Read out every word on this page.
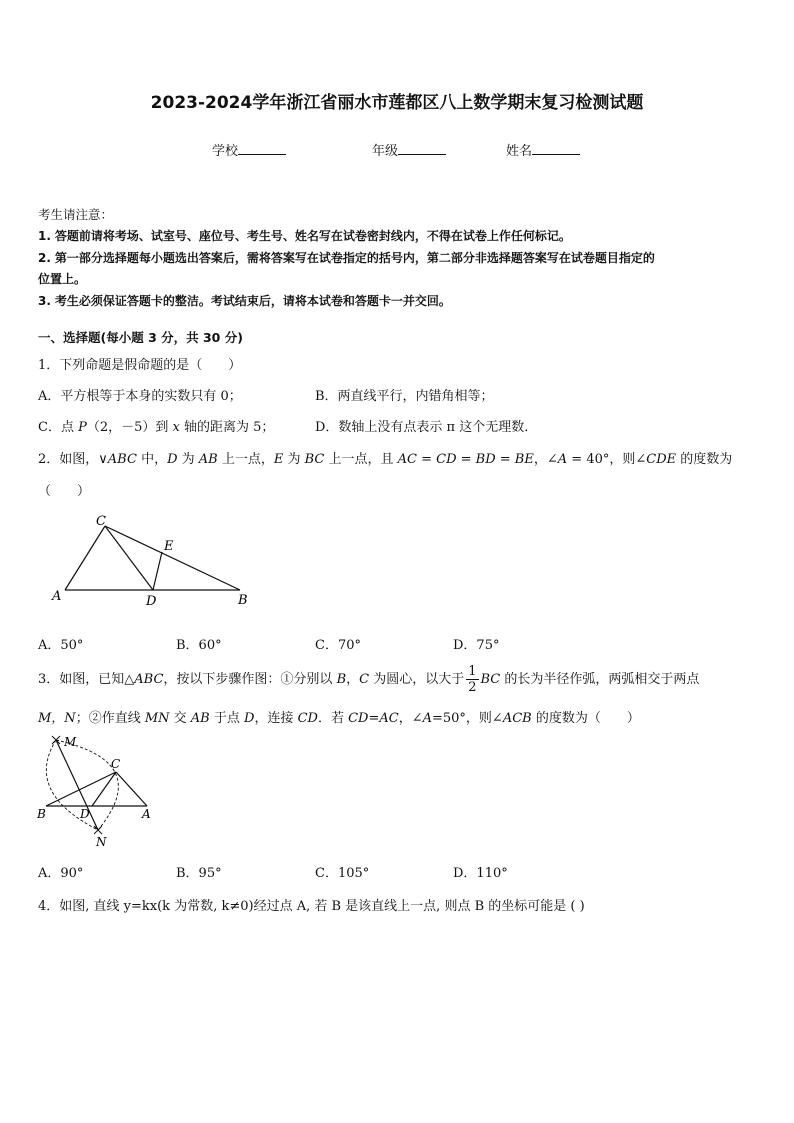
2023-2024学年浙江省丽水市莲都区八上数学期末复习检测试题
学校	年级	姓名
考生请注意：
1. 答题前请将考场、试室号、座位号、考生号、姓名写在试卷密封线内，不得在试卷上作任何标记。
2. 第一部分选择题每小题选出答案后，需将答案写在试卷指定的括号内，第二部分非选择题答案写在试卷题目指定的
位置上。
3. 考生必须保证答题卡的整洁。考试结束后，请将本试卷和答题卡一并交回。
一、选择题(每小题 3 分，共 30 分)
1．下列命题是假命题的是（　　）
A．平方根等于本身的实数只有 0；	B．两直线平行，内错角相等；
C．点 P（2，－5）到 x 轴的距离为 5；	D．数轴上没有点表示 π 这个无理数．
2．如图，∨ABC 中，D 为 AB 上一点，E 为 BC 上一点，且 AC = CD = BD = BE，∠A = 40°，则∠CDE 的度数为
（　　）
C
E
A	D	B
A．50°	B．60°	C．70°	D．75°
3．如图，已知△ABC，按以下步骤作图：①分别以 B，C 为圆心，以大于 $\frac{1}{2}$ BC 的长为半径作弧，两弧相交于两点
M，N；②作直线 MN 交 AB 于点 D，连接 CD．若 CD=AC，∠A=50°，则∠ACB 的度数为（　　）
M
C
B	D	A
N
A．90°	B．95°	C．105°	D．110°
4．如图, 直线 y=kx(k 为常数, k≠0)经过点 A, 若 B 是该直线上一点, 则点 B 的坐标可能是 ( )
